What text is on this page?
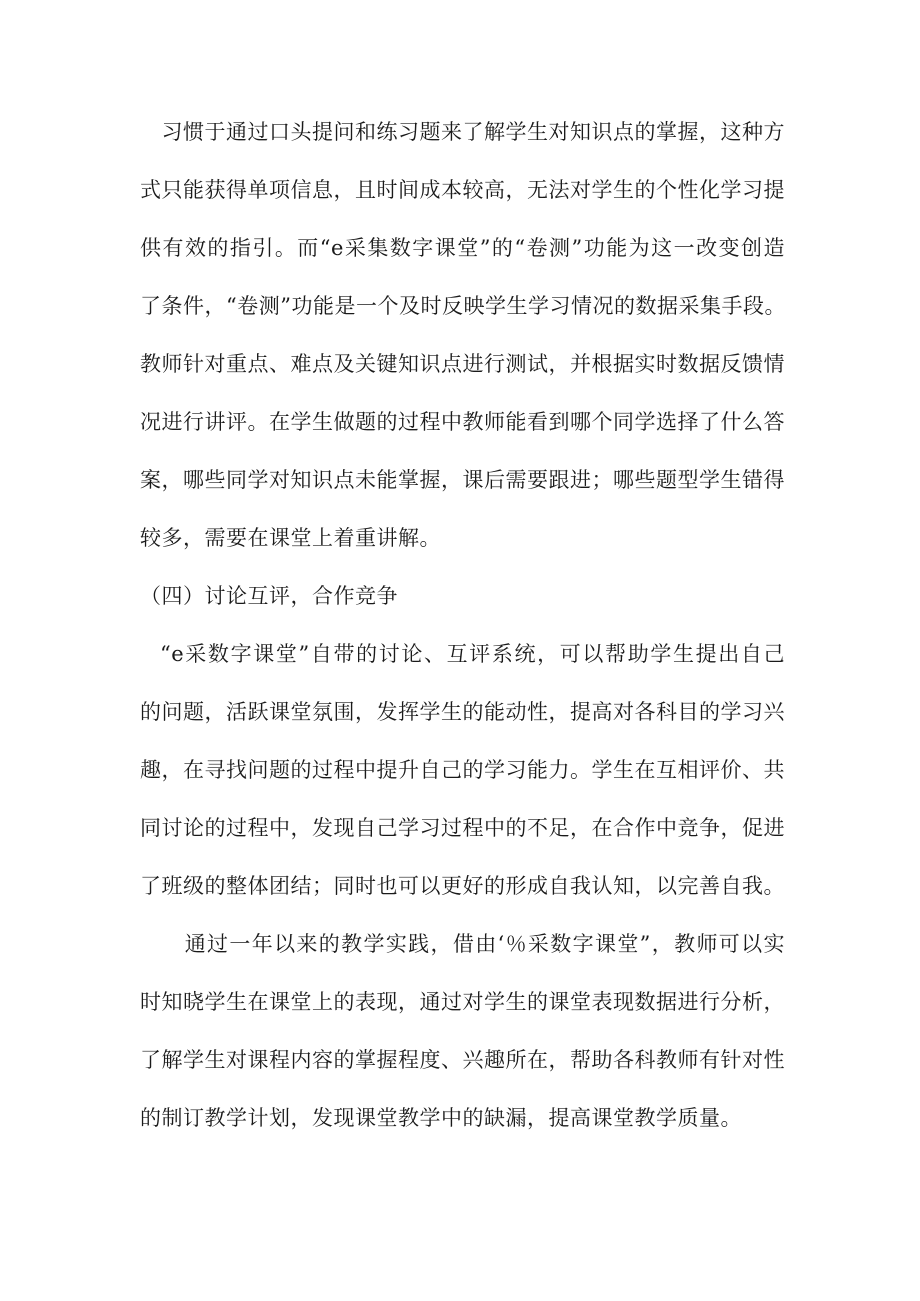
　习惯于通过口头提问和练习题来了解学生对知识点的掌握，这种方
式只能获得单项信息，且时间成本较高，无法对学生的个性化学习提
供有效的指引。而“e采集数字课堂”的“卷测”功能为这一改变创造
了条件，“卷测”功能是一个及时反映学生学习情况的数据采集手段。
教师针对重点、难点及关键知识点进行测试，并根据实时数据反馈情
况进行讲评。在学生做题的过程中教师能看到哪个同学选择了什么答
案，哪些同学对知识点未能掌握，课后需要跟进；哪些题型学生错得
较多，需要在课堂上着重讲解。
（四）讨论互评，合作竞争
“e采数字课堂”自带的讨论、互评系统，可以帮助学生提出自己
的问题，活跃课堂氛围，发挥学生的能动性，提高对各科目的学习兴
趣，在寻找问题的过程中提升自己的学习能力。学生在互相评价、共
同讨论的过程中，发现自己学习过程中的不足，在合作中竞争，促进
了班级的整体团结；同时也可以更好的形成自我认知，以完善自我。
　　通过一年以来的教学实践，借由‘％采数字课堂”，教师可以实
时知晓学生在课堂上的表现，通过对学生的课堂表现数据进行分析，
了解学生对课程内容的掌握程度、兴趣所在，帮助各科教师有针对性
的制订教学计划，发现课堂教学中的缺漏，提高课堂教学质量。
